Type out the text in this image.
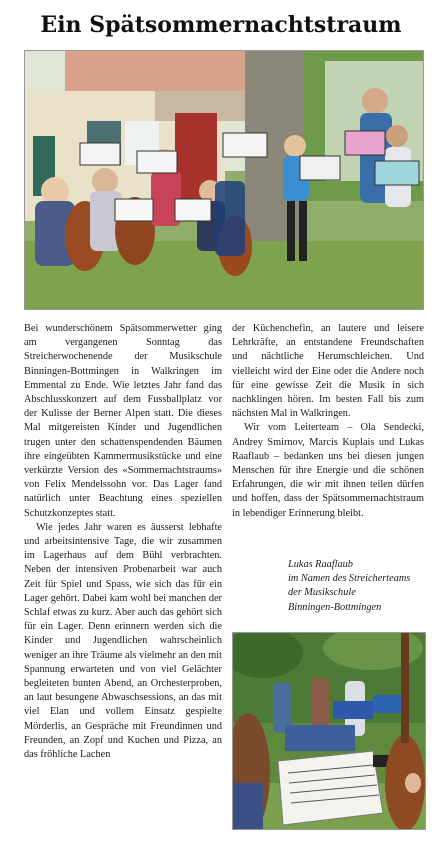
Ein Spätsommernachtstraum

Bei wunderschönem Spätsommerwetter ging am vergangenen Sonntag das Streicherwochenende der Musikschule Binningen-Bottmingen in Walkringen im Emmental zu Ende. Wie letztes Jahr fand das Abschlusskonzert auf dem Fussballplatz vor der Kulisse der Berner Alpen statt. Die dieses Mal mitgereisten Kinder und Jugendlichen trugen unter den schattenspendenden Bäumen ihre eingeübten Kammermusikstücke und eine verkürzte Version des «Sommernachtstraums» von Felix Mendelssohn vor. Das Lager fand natürlich unter Beachtung eines speziellen Schutzkonzeptes statt.

Wie jedes Jahr waren es äusserst lebhafte und arbeitsintensive Tage, die wir zusammen im Lagerhaus auf dem Bühl verbrachten. Neben der intensiven Probenarbeit war auch Zeit für Spiel und Spass, wie sich das für ein Lager gehört. Dabei kam wohl bei manchen der Schlaf etwas zu kurz. Aber auch das gehört sich für ein Lager. Denn erinnern werden sich die Kinder und Jugendlichen wahrscheinlich weniger an ihre Träume als vielmehr an den mit Spannung erwarteten und von viel Gelächter begleiteten bunten Abend, an Orchesterproben, an laut besungene Abwaschsessions, an das mit viel Elan und vollem Einsatz gespielte Mörderlis, an Gespräche mit Freundinnen und Freunden, an Zopf und Kuchen und Pizza, an das fröhliche Lachen

der Küchenchefin, an lautere und leisere Lehrkräfte, an entstandene Freundschaften und nächtliche Herumschleichen. Und vielleicht wird der Eine oder die Andere noch für eine gewisse Zeit die Musik in sich nachklingen hören. Im besten Fall bis zum nächsten Mal in Walkringen.

Wir vom Leiterteam – Ola Sendecki, Andrey Smirnov, Marcis Kuplais und Lukas Raaflaub – bedanken uns bei diesen jungen Menschen für ihre Energie und die schönen Erfahrungen, die wir mit ihnen teilen dürfen und hoffen, dass der Spätsommernachtstraum in lebendiger Erinnerung bleibt.

Lukas Raaflaub
im Namen des Streicherteams
der Musikschule
Binningen-Bottmingen
